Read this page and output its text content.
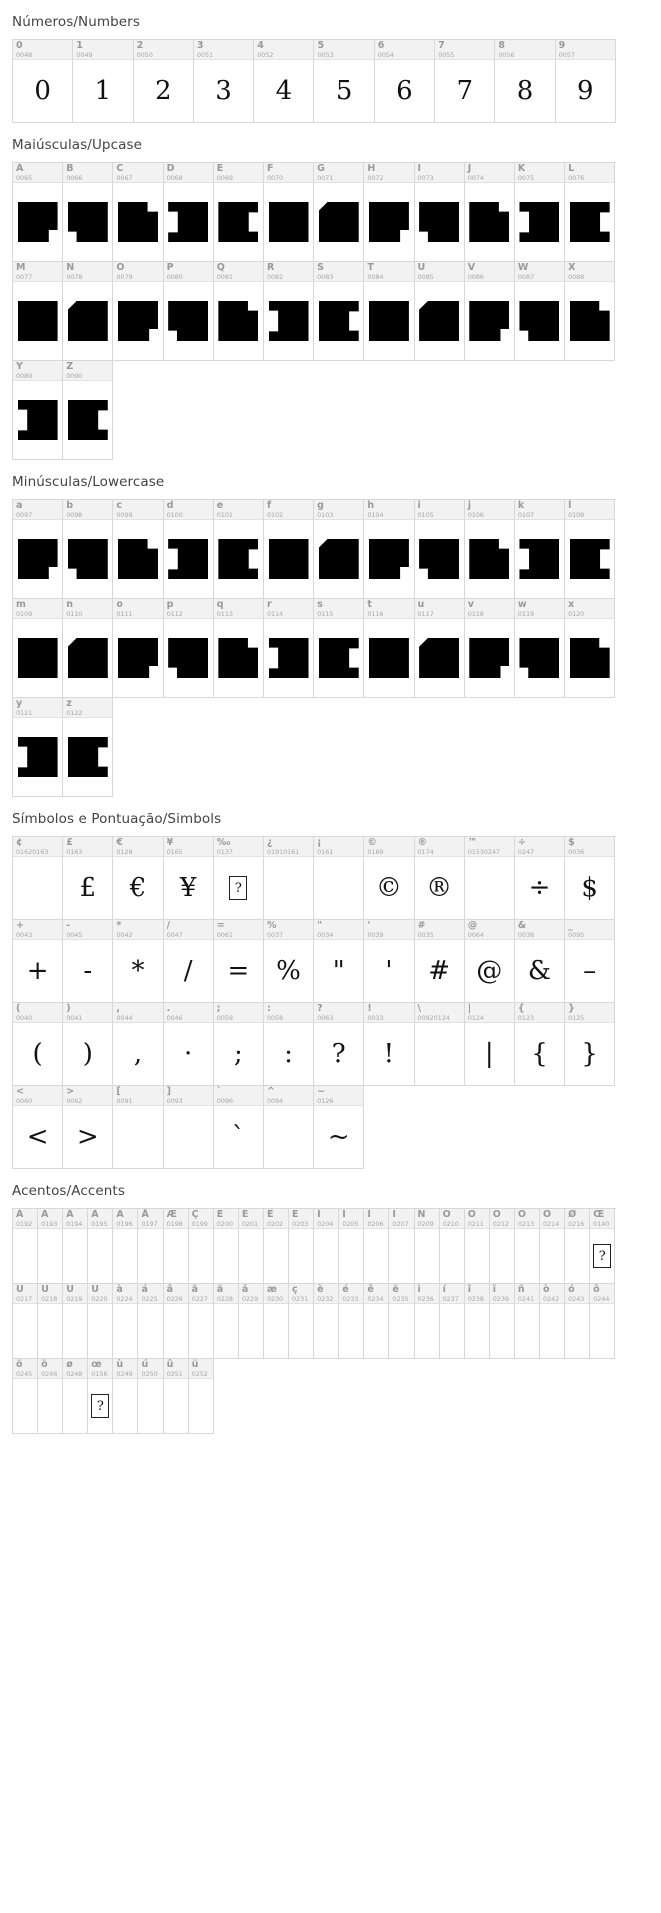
Números/Numbers
0
0048
0
1
0049
1
2
0050
2
3
0051
3
4
0052
4
5
0053
5
6
0054
6
7
0055
7
8
0056
8
9
0057
9
Maiúsculas/Upcase
A
0065
B
0066
C
0067
D
0068
E
0069
F
0070
G
0071
H
0072
I
0073
J
0074
K
0075
L
0076
M
0077
N
0078
O
0079
P
0080
Q
0081
R
0082
S
0083
T
0084
U
0085
V
0086
W
0087
X
0088
Y
0089
Z
0090
Minúsculas/Lowercase
a
0097
b
0098
c
0099
d
0100
e
0101
f
0102
g
0103
h
0104
i
0105
j
0106
k
0107
l
0108
m
0109
n
0110
o
0111
p
0112
q
0113
r
0114
s
0115
t
0116
u
0117
v
0118
w
0119
x
0120
y
0121
z
0122
Símbolos e Pontuação/Simbols
¢
01620163
£
0163
£
€
0128
€
¥
0165
¥
‰
0137
?
¿
01910161
¡
0161
©
0169
©
®
0174
®
™
01530247
÷
0247
÷
$
0036
$
+
0043
+
-
0045
-
*
0042
*
/
0047
/
=
0061
=
%
0037
%
"
0034
"
'
0039
'
#
0035
#
@
0064
@
&
0038
&
_
0095
–
(
0040
(
)
0041
)
,
0044
,
.
0046
·
;
0059
;
:
0058
:
?
0063
?
!
0033
!
\
00920124
|
0124
|
{
0123
{
}
0125
}
<
0060
<
>
0062
>
[
0091
]
0093
`
0096
`
^
0094
~
0126
~
Acentos/Accents
À
0192
Á
0193
Â
0194
Ã
0195
Ä
0196
Å
0197
Æ
0198
Ç
0199
È
0200
É
0201
Ê
0202
Ë
0203
Ì
0204
Í
0205
Î
0206
Ï
0207
Ñ
0209
Ò
0210
Ó
0211
Ô
0212
Õ
0213
Ö
0214
Ø
0216
Œ
0140
?
Ù
0217
Ú
0218
Û
0219
Ü
0220
à
0224
á
0225
â
0226
ã
0227
ä
0228
å
0229
æ
0230
ç
0231
è
0232
é
0233
ê
0234
ë
0235
ì
0236
í
0237
î
0238
ï
0239
ñ
0241
ò
0242
ó
0243
ô
0244
õ
0245
ö
0246
ø
0248
œ
0156
?
ù
0249
ú
0250
û
0251
ü
0252
